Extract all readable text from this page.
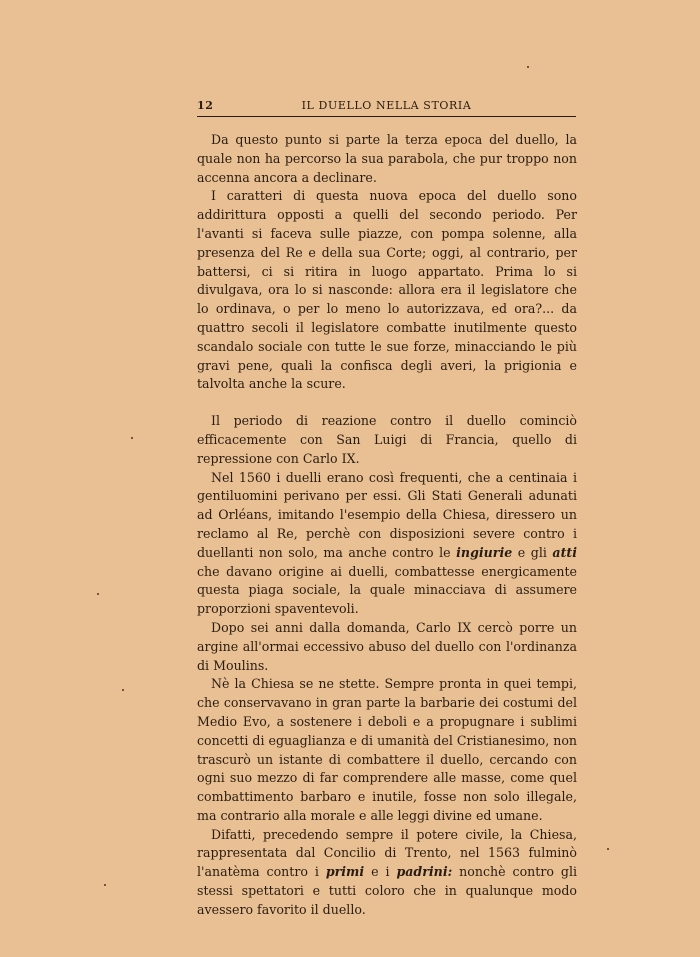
12	IL DUELLO NELLA STORIA

Da questo punto si parte la terza epoca del duello, la quale non ha percorso la sua parabola, che pur troppo non accenna ancora a declinare.

I caratteri di questa nuova epoca del duello sono addirittura opposti a quelli del secondo periodo. Per l'avanti si faceva sulle piazze, con pompa solenne, alla presenza del Re e della sua Corte; oggi, al contrario, per battersi, ci si ritira in luogo appartato. Prima lo si divulgava, ora lo si nasconde: allora era il legislatore che lo ordinava, o per lo meno lo autorizzava, ed ora?... da quattro secoli il legislatore combatte inutilmente questo scandalo sociale con tutte le sue forze, minacciando le più gravi pene, quali la confisca degli averi, la prigionia e talvolta anche la scure.

Il periodo di reazione contro il duello cominciò efficacemente con San Luigi di Francia, quello di repressione con Carlo IX.

Nel 1560 i duelli erano così frequenti, che a centinaia i gentiluomini perivano per essi. Gli Stati Generali adunati ad Orléans, imitando l'esempio della Chiesa, diressero un reclamo al Re, perchè con disposizioni severe contro i duellanti non solo, ma anche contro le ingiurie e gli atti che davano origine ai duelli, combattesse energicamente questa piaga sociale, la quale minacciava di assumere proporzioni spaventevoli.

Dopo sei anni dalla domanda, Carlo IX cercò porre un argine all'ormai eccessivo abuso del duello con l'ordinanza di Moulins.

Nè la Chiesa se ne stette. Sempre pronta in quei tempi, che conservavano in gran parte la barbarie dei costumi del Medio Evo, a sostenere i deboli e a propugnare i sublimi concetti di eguaglianza e di umanità del Cristianesimo, non trascurò un istante di combattere il duello, cercando con ogni suo mezzo di far comprendere alle masse, come quel combattimento barbaro e inutile, fosse non solo illegale, ma contrario alla morale e alle leggi divine ed umane.

Difatti, precedendo sempre il potere civile, la Chiesa, rappresentata dal Concilio di Trento, nel 1563 fulminò l'anatèma contro i primi e i padrini: nonchè contro gli stessi spettatori e tutti coloro che in qualunque modo avessero favorito il duello.
